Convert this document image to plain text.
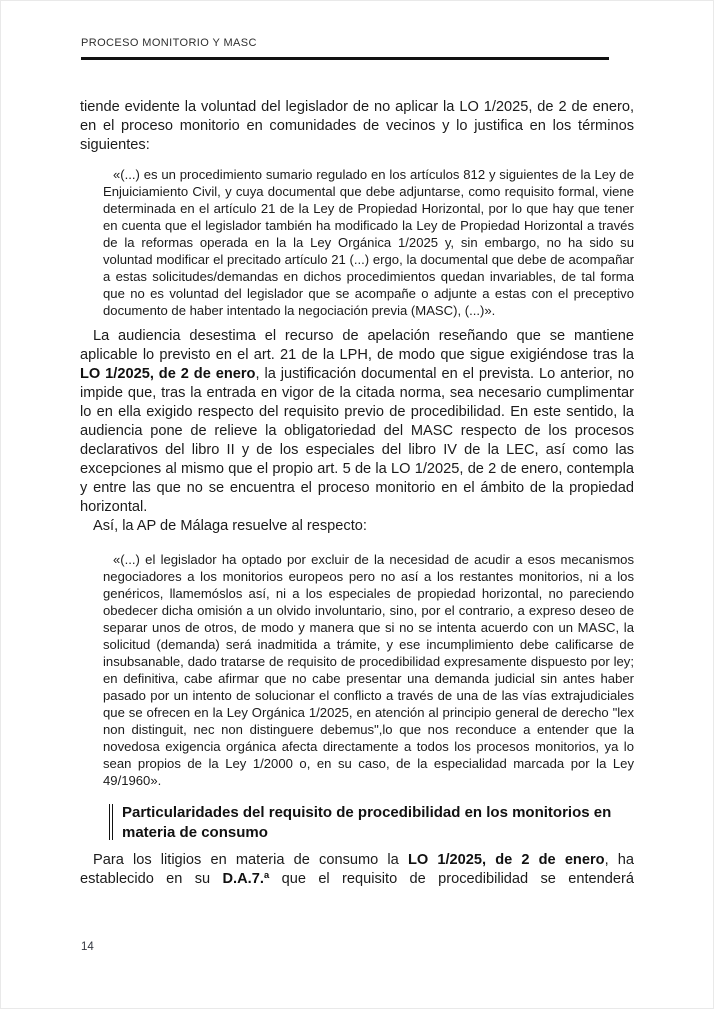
PROCESO MONITORIO Y MASC

tiende evidente la voluntad del legislador de no aplicar la LO 1/2025, de 2 de enero, en el proceso monitorio en comunidades de vecinos y lo justifica en los términos siguientes:

«(...) es un procedimiento sumario regulado en los artículos 812 y siguientes de la Ley de Enjuiciamiento Civil, y cuya documental que debe adjuntarse, como requisito formal, viene determinada en el artículo 21 de la Ley de Propiedad Horizontal, por lo que hay que tener en cuenta que el legislador también ha modificado la Ley de Propiedad Horizontal a través de la reformas operada en la la Ley Orgánica 1/2025 y, sin embargo, no ha sido su voluntad modificar el precitado artículo 21 (...) ergo, la documental que debe de acompañar a estas solicitudes/demandas en dichos procedimientos quedan invariables, de tal forma que no es voluntad del legislador que se acompañe o adjunte a estas con el preceptivo documento de haber intentado la negociación previa (MASC), (...)».

La audiencia desestima el recurso de apelación reseñando que se mantiene aplicable lo previsto en el art. 21 de la LPH, de modo que sigue exigiéndose tras la LO 1/2025, de 2 de enero, la justificación documental en el prevista. Lo anterior, no impide que, tras la entrada en vigor de la citada norma, sea necesario cumplimentar lo en ella exigido respecto del requisito previo de procedibilidad. En este sentido, la audiencia pone de relieve la obligatoriedad del MASC respecto de los procesos declarativos del libro II y de los especiales del libro IV de la LEC, así como las excepciones al mismo que el propio art. 5 de la LO 1/2025, de 2 de enero, contempla y entre las que no se encuentra el proceso monitorio en el ámbito de la propiedad horizontal.

Así, la AP de Málaga resuelve al respecto:

«(...) el legislador ha optado por excluir de la necesidad de acudir a esos mecanismos negociadores a los monitorios europeos pero no así a los restantes monitorios, ni a los genéricos, llamemóslos así, ni a los especiales de propiedad horizontal, no pareciendo obedecer dicha omisión a un olvido involuntario, sino, por el contrario, a expreso deseo de separar unos de otros, de modo y manera que si no se intenta acuerdo con un MASC, la solicitud (demanda) será inadmitida a trámite, y ese incumplimiento debe calificarse de insubsanable, dado tratarse de requisito de procedibilidad expresamente dispuesto por ley; en definitiva, cabe afirmar que no cabe presentar una demanda judicial sin antes haber pasado por un intento de solucionar el conflicto a través de una de las vías extrajudiciales que se ofrecen en la Ley Orgánica 1/2025, en atención al principio general de derecho "lex non distinguit, nec non distinguere debemus",lo que nos reconduce a entender que la novedosa exigencia orgánica afecta directamente a todos los procesos monitorios, ya lo sean propios de la Ley 1/2000 o, en su caso, de la especialidad marcada por la Ley 49/1960».
Particularidades del requisito de procedibilidad en los monitorios en materia de consumo

Para los litigios en materia de consumo la LO 1/2025, de 2 de enero, ha establecido en su D.A.7.ª que el requisito de procedibilidad se entenderá

14
